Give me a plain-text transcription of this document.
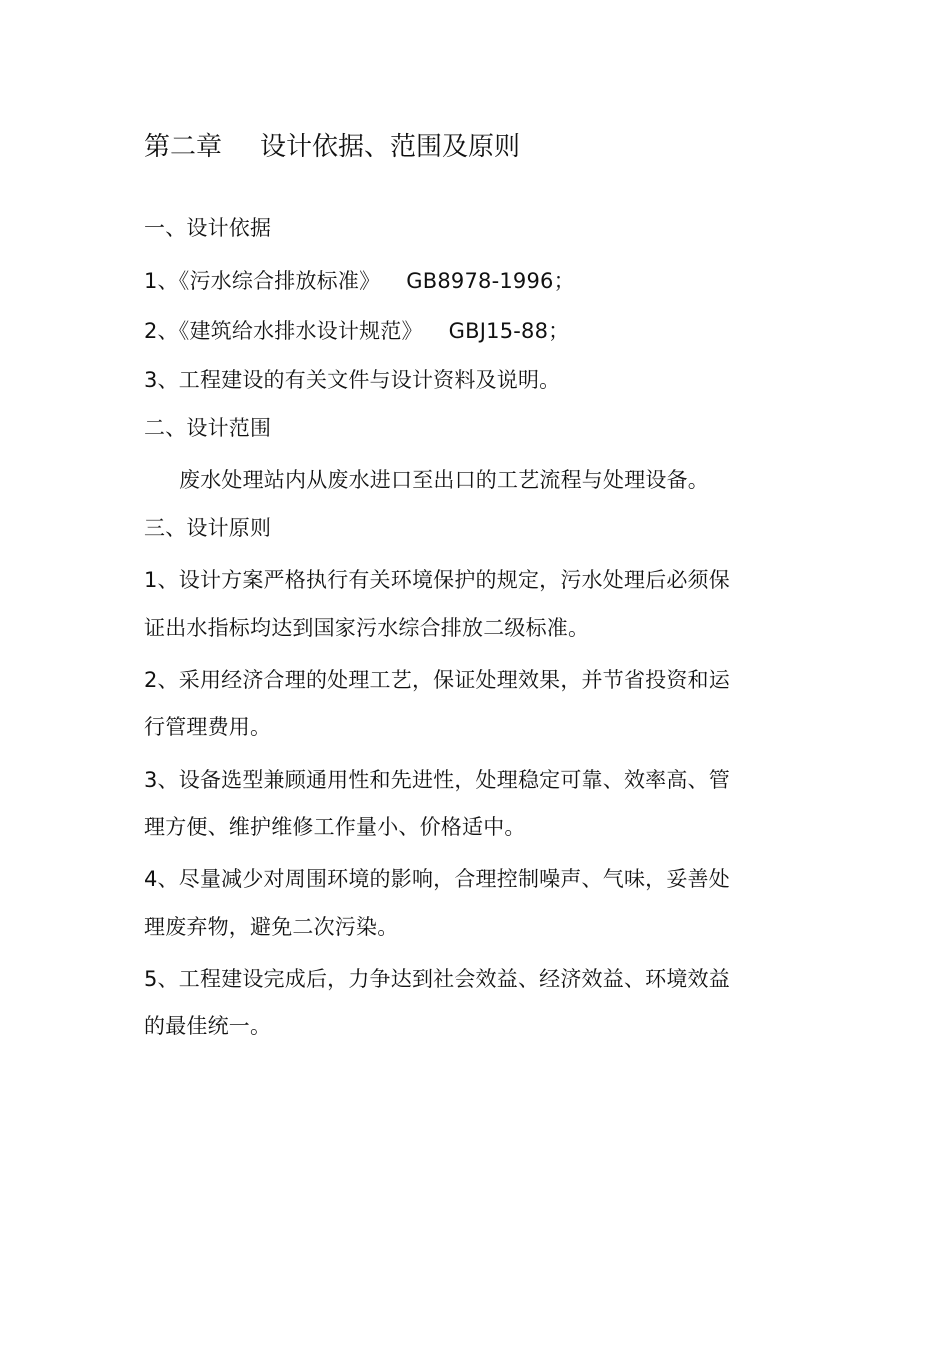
第二章 设计依据、范围及原则
一、设计依据
1、《污水综合排放标准》 GB8978-1996；
2、《建筑给水排水设计规范》 GBJ15-88；
3、工程建设的有关文件与设计资料及说明。
二、设计范围
废水处理站内从废水进口至出口的工艺流程与处理设备。
三、设计原则
1、设计方案严格执行有关环境保护的规定，污水处理后必须保
证出水指标均达到国家污水综合排放二级标准。
2、采用经济合理的处理工艺，保证处理效果，并节省投资和运
行管理费用。
3、设备选型兼顾通用性和先进性，处理稳定可靠、效率高、管
理方便、维护维修工作量小、价格适中。
4、尽量减少对周围环境的影响，合理控制噪声、气味，妥善处
理废弃物，避免二次污染。
5、工程建设完成后，力争达到社会效益、经济效益、环境效益
的最佳统一。
